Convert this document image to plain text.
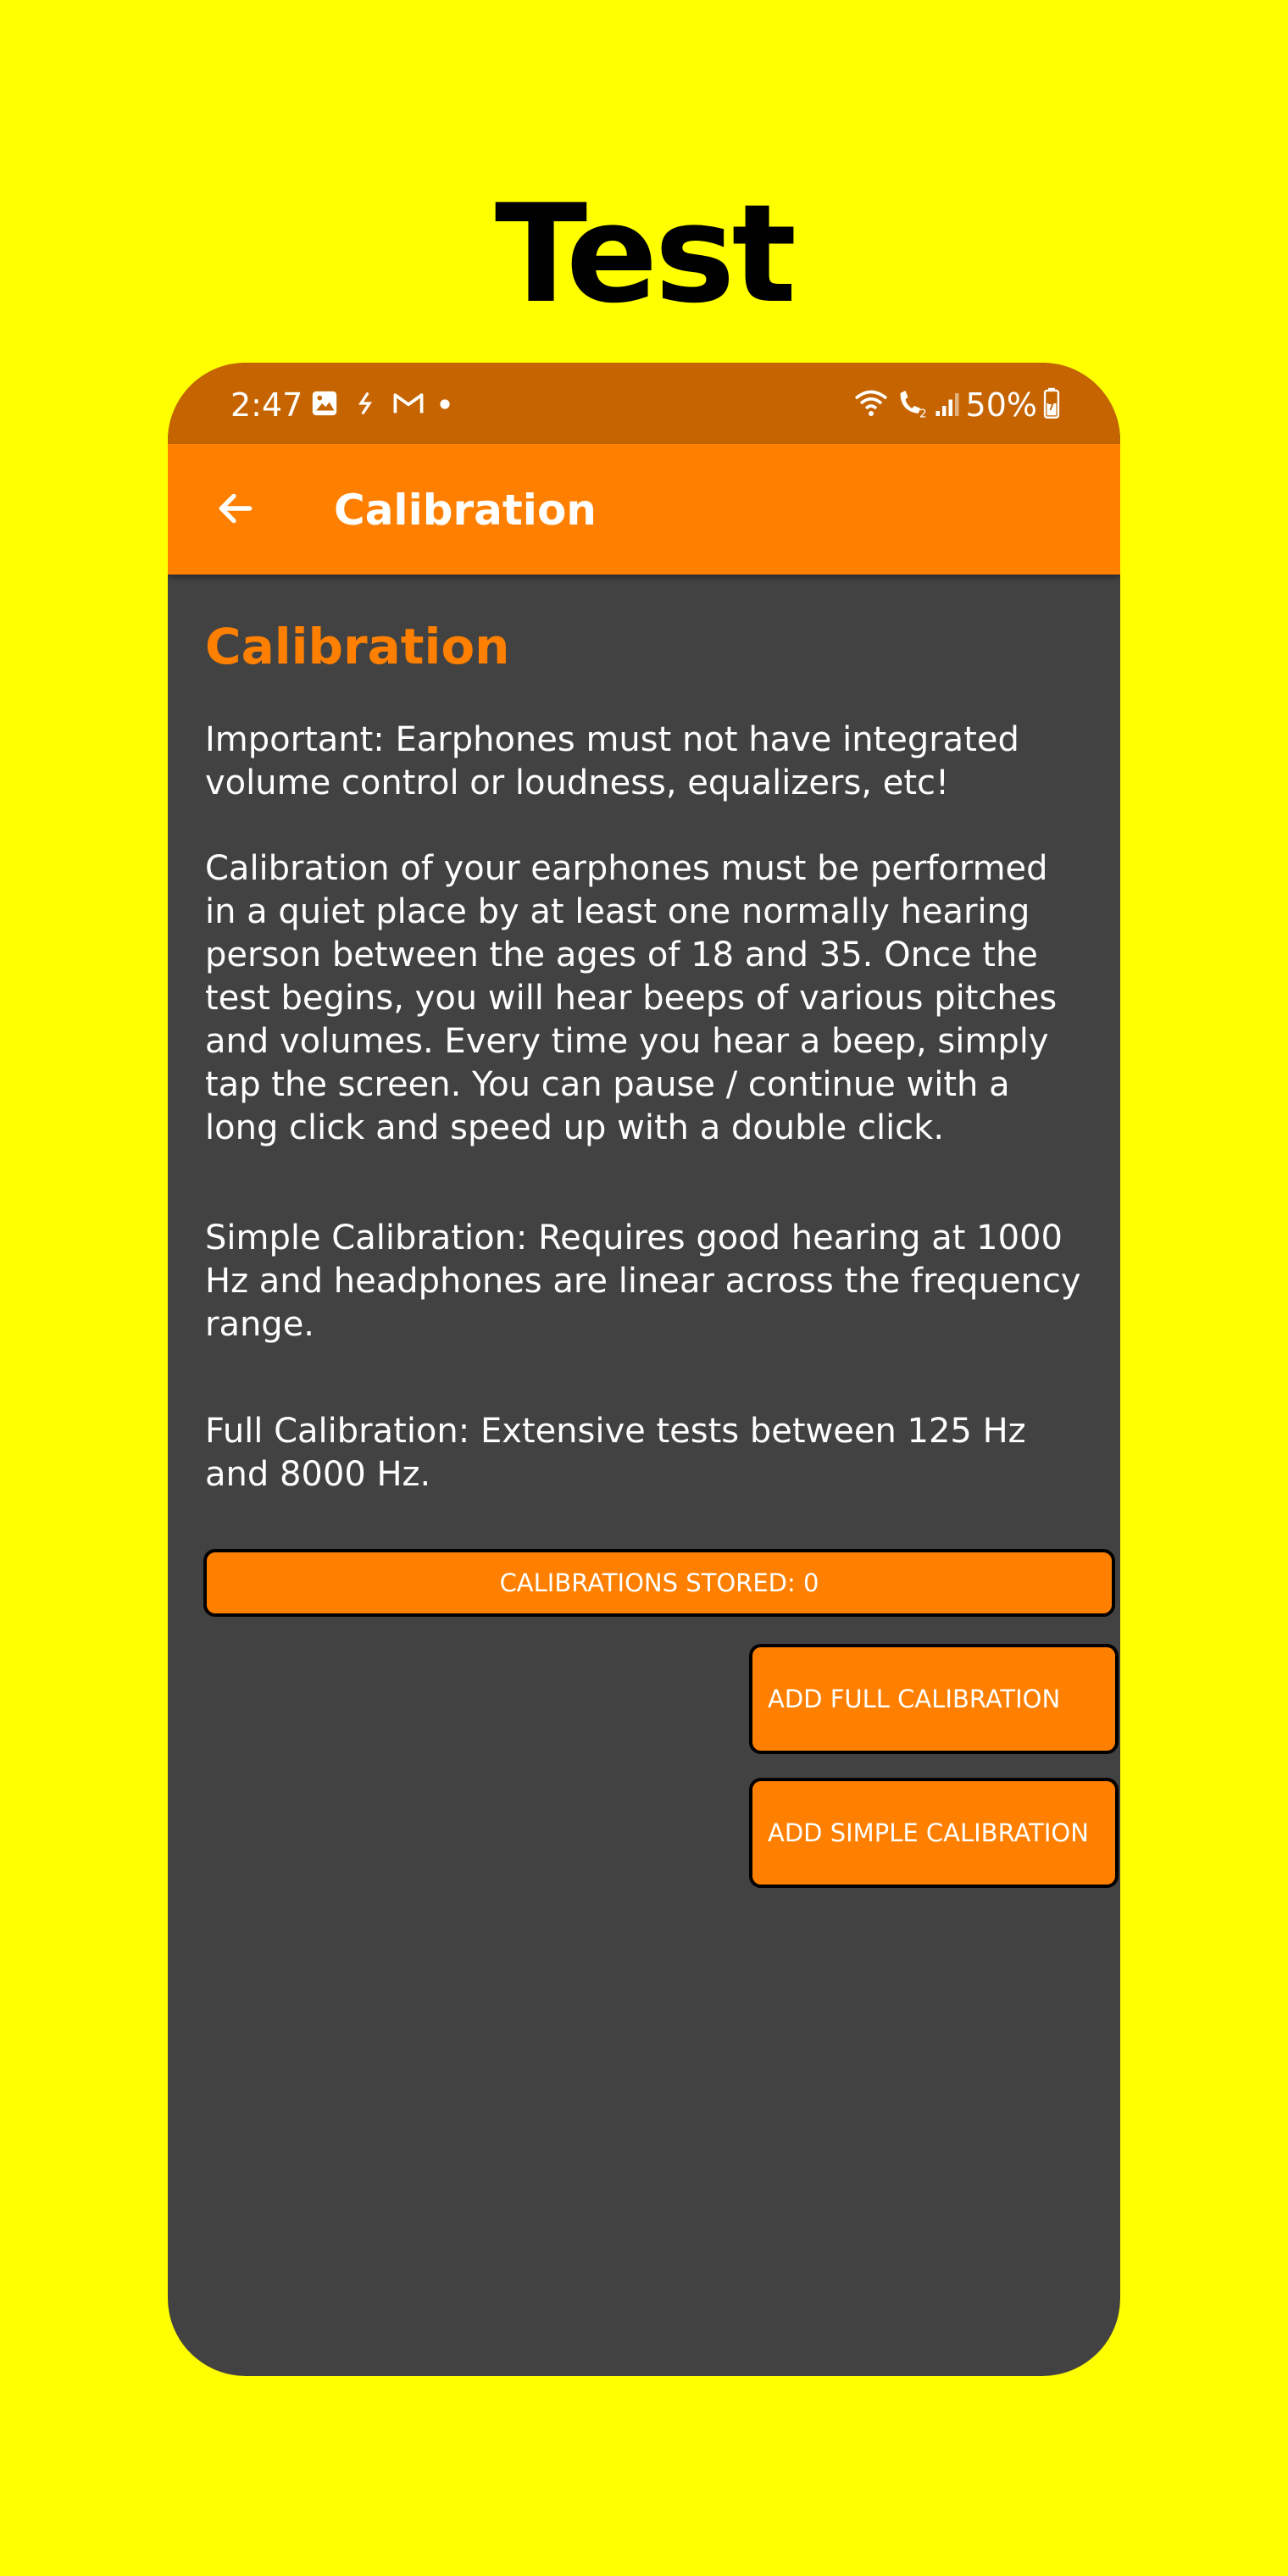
Test
2:47	2 50%
Calibration
Calibration

Important: Earphones must not have integrated volume control or loudness, equalizers, etc!

Calibration of your earphones must be performed in a quiet place by at least one normally hearing person between the ages of 18 and 35. Once the test begins, you will hear beeps of various pitches and volumes. Every time you hear a beep, simply tap the screen. You can pause / continue with a long click and speed up with a double click.

Simple Calibration: Requires good hearing at 1000 Hz and headphones are linear across the frequency range.

Full Calibration: Extensive tests between 125 Hz and 8000 Hz.

CALIBRATIONS STORED: 0
ADD FULL CALIBRATION
ADD SIMPLE CALIBRATION
